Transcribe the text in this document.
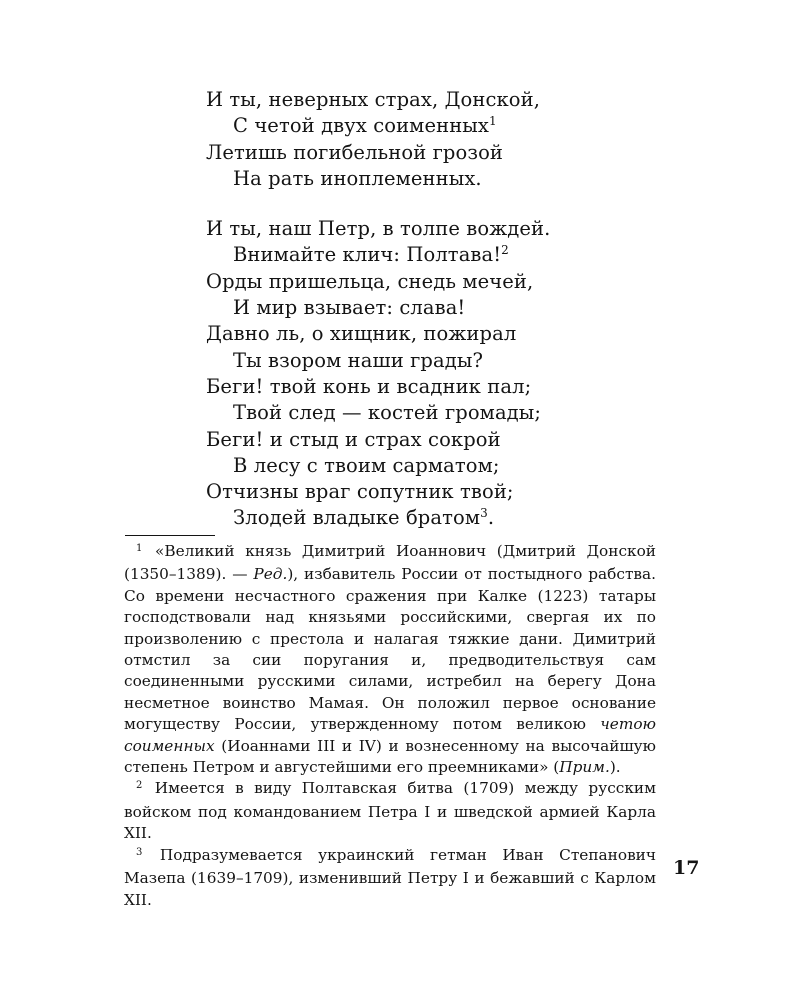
И ты, неверных страх, Донской,
С четой двух соименных$^1$
Летишь погибельной грозой
На рать иноплеменных.
И ты, наш Петр, в толпе вождей.
Внимайте клич: Полтава!$^2$
Орды пришельца, снедь мечей,
И мир взывает: слава!
Давно ль, о хищник, пожирал
Ты взором наши грады?
Беги! твой конь и всадник пал;
Твой след — костей громады;
Беги! и стыд и страх сокрой
В лесу с твоим сарматом;
Отчизны враг сопутник твой;
Злодей владыке братом$^3$.

$^1$ «Великий князь Димитрий Иоаннович (Дмитрий Донской (1350–1389). — Ред.), избавитель России от постыдного рабства. Со времени несчастного сражения при Калке (1223) татары господствовали над князьями российскими, свергая их по произволению с престола и налагая тяжкие дани. Димитрий отмстил за сии поругания и, предводительствуя сам соединенными русскими силами, истребил на берегу Дона несметное воинство Мамая. Он положил первое основание могуществу России, утвержденному потом великою четою соименных (Иоаннами III и IV) и вознесенному на высочайшую степень Петром и августейшими его преемниками» (Прим.).

$^2$ Имеется в виду Полтавская битва (1709) между русским войском под командованием Петра I и шведской армией Карла XII.

$^3$ Подразумевается украинский гетман Иван Степанович Мазепа (1639–1709), изменивший Петру I и бежавший с Карлом XII.

17
